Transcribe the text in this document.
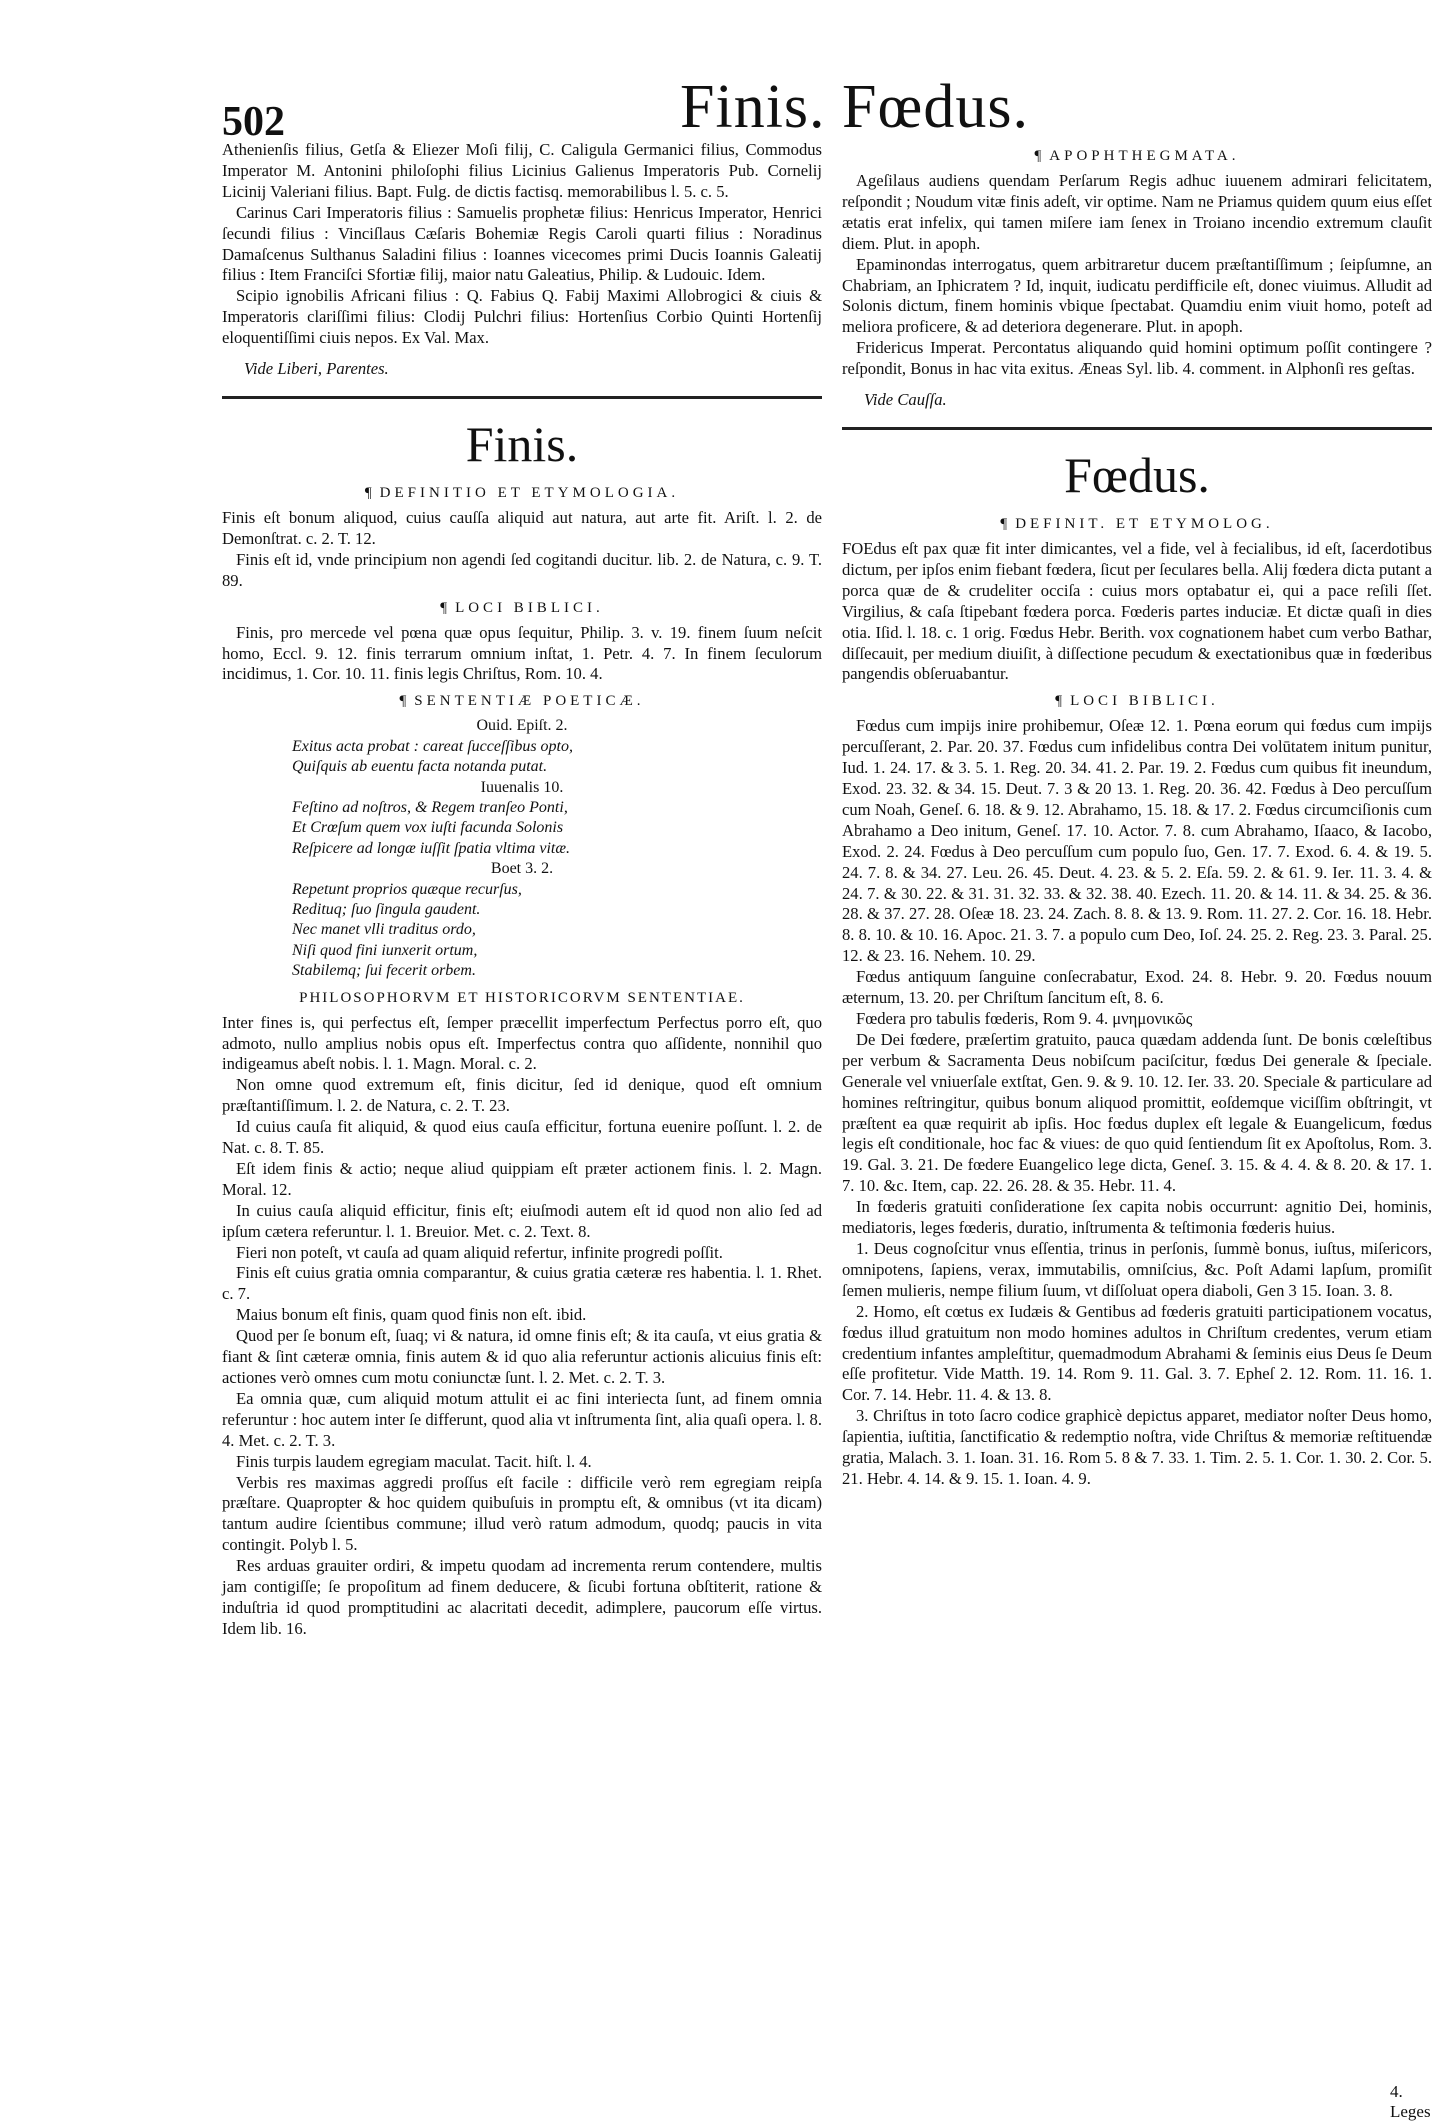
502	Finis. Fœdus.

Athenienſis filius, Getſa & Eliezer Moſi filij, C. Caligula Germanici filius, Commodus Imperator M. Antonini philoſophi filius Licinius Galienus Imperatoris Pub. Cornelij Licinij Valeriani filius. Bapt. Fulg. de dictis factisq. memorabilibus l. 5. c. 5.

Carinus Cari Imperatoris filius : Samuelis prophetæ filius: Henricus Imperator, Henrici ſecundi filius : Vinciſlaus Cæſaris Bohemiæ Regis Caroli quarti filius : Noradinus Damaſcenus Sulthanus Saladini filius : Ioannes vicecomes primi Ducis Ioannis Galeatij filius : Item Franciſci Sfortiæ filij, maior natu Galeatius, Philip. & Ludouic. Idem.

Scipio ignobilis Africani filius : Q. Fabius Q. Fabij Maximi Allobrogici & ciuis & Imperatoris clariſſimi filius: Clodij Pulchri filius: Hortenſius Corbio Quinti Hortenſij eloquentiſſimi ciuis nepos. Ex Val. Max.

Vide Liberi, Parentes.

Finis.
¶ DEFINITIO ET ETYMOLOGIA.

Finis eſt bonum aliquod, cuius cauſſa aliquid aut natura, aut arte fit. Ariſt. l. 2. de Demonſtrat. c. 2. T. 12.

Finis eſt id, vnde principium non agendi ſed cogitandi ducitur. lib. 2. de Natura, c. 9. T. 89.

¶ LOCI BIBLICI.

Finis, pro mercede vel pœna quæ opus ſequitur, Philip. 3. v. 19. finem ſuum neſcit homo, Eccl. 9. 12. finis terrarum omnium inſtat, 1. Petr. 4. 7. In finem ſeculorum incidimus, 1. Cor. 10. 11. finis legis Chriſtus, Rom. 10. 4.

¶ SENTENTIÆ POETICÆ.

Ouid. Epiſt. 2.

Exitus acta probat : careat ſucceſſibus opto,

Quiſquis ab euentu facta notanda putat.

Iuuenalis 10.

Feſtino ad noſtros, & Regem tranſeo Ponti,

Et Crœſum quem vox iuſti facunda Solonis

Reſpicere ad longæ iuſſit ſpatia vltima vitæ.

Boet 3. 2.

Repetunt proprios quæque recurſus,

Redituq; ſuo ſingula gaudent.

Nec manet vlli traditus ordo,

Niſi quod fini iunxerit ortum,

Stabilemq; ſui fecerit orbem.

PHILOSOPHORVM ET HISTORICORVM SENTENTIAE.

Inter fines is, qui perfectus eſt, ſemper præcellit imperfectum Perfectus porro eſt, quo admoto, nullo amplius nobis opus eſt. Imperfectus contra quo aſſidente, nonnihil quo indigeamus abeſt nobis. l. 1. Magn. Moral. c. 2.

Non omne quod extremum eſt, finis dicitur, ſed id denique, quod eſt omnium præſtantiſſimum. l. 2. de Natura, c. 2. T. 23.

Id cuius cauſa fit aliquid, & quod eius cauſa efficitur, fortuna euenire poſſunt. l. 2. de Nat. c. 8. T. 85.

Eſt idem finis & actio; neque aliud quippiam eſt præter actionem finis. l. 2. Magn. Moral. 12.

In cuius cauſa aliquid efficitur, finis eſt; eiuſmodi autem eſt id quod non alio ſed ad ipſum cætera referuntur. l. 1. Breuior. Met. c. 2. Text. 8.

Fieri non poteſt, vt cauſa ad quam aliquid refertur, infinite progredi poſſit.

Finis eſt cuius gratia omnia comparantur, & cuius gratia cæteræ res habentia. l. 1. Rhet. c. 7.

Maius bonum eſt finis, quam quod finis non eſt. ibid.

Quod per ſe bonum eſt, ſuaq; vi & natura, id omne finis eſt; & ita cauſa, vt eius gratia & fiant & ſint cæteræ omnia, finis autem & id quo alia referuntur actionis alicuius finis eſt: actiones verò omnes cum motu coniunctæ ſunt. l. 2. Met. c. 2. T. 3.

Ea omnia quæ, cum aliquid motum attulit ei ac fini interiecta ſunt, ad finem omnia referuntur : hoc autem inter ſe differunt, quod alia vt inſtrumenta ſint, alia quaſi opera. l. 8. 4. Met. c. 2. T. 3.

Finis turpis laudem egregiam maculat. Tacit. hiſt. l. 4.

Verbis res maximas aggredi proſſus eſt facile : difficile verò rem egregiam reipſa præſtare. Quapropter & hoc quidem quibuſuis in promptu eſt, & omnibus (vt ita dicam) tantum audire ſcientibus commune; illud verò ratum admodum, quodq; paucis in vita contingit. Polyb l. 5.

Res arduas grauiter ordiri, & impetu quodam ad incrementa rerum contendere, multis jam contigiſſe; ſe propoſitum ad finem deducere, & ſicubi fortuna obſtiterit, ratione & induſtria id quod promptitudini ac alacritati decedit, adimplere, paucorum eſſe virtus. Idem lib. 16.

¶ APOPHTHEGMATA.

Ageſilaus audiens quendam Perſarum Regis adhuc iuuenem admirari felicitatem, reſpondit ; Noudum vitæ finis adeſt, vir optime. Nam ne Priamus quidem quum eius eſſet ætatis erat infelix, qui tamen miſere iam ſenex in Troiano incendio extremum clauſit diem. Plut. in apoph.

Epaminondas interrogatus, quem arbitraretur ducem præſtantiſſimum ; ſeipſumne, an Chabriam, an Iphicratem ? Id, inquit, iudicatu perdifficile eſt, donec viuimus. Alludit ad Solonis dictum, finem hominis vbique ſpectabat. Quamdiu enim viuit homo, poteſt ad meliora proficere, & ad deteriora degenerare. Plut. in apoph.

Fridericus Imperat. Percontatus aliquando quid homini optimum poſſit contingere ? reſpondit, Bonus in hac vita exitus. Æneas Syl. lib. 4. comment. in Alphonſi res geſtas.

Vide Cauſſa.

Fœdus.
¶ DEFINIT. ET ETYMOLOG.

FOEdus eſt pax quæ fit inter dimicantes, vel a fide, vel à fecialibus, id eſt, ſacerdotibus dictum, per ipſos enim fiebant fœdera, ſicut per ſeculares bella. Alij fœdera dicta putant a porca quæ de & crudeliter occiſa : cuius mors optabatur ei, qui a pace reſili ſſet. Virgilius, & caſa ſtipebant fœdera porca. Fœderis partes induciæ. Et dictæ quaſi in dies otia. Iſid. l. 18. c. 1 orig. Fœdus Hebr. Berith. vox cognationem habet cum verbo Bathar, diſſecauit, per medium diuiſit, à diſſectione pecudum & exectationibus quæ in fœderibus pangendis obſeruabantur.

¶ LOCI BIBLICI.

Fœdus cum impijs inire prohibemur, Oſeæ 12. 1. Pœna eorum qui fœdus cum impijs percuſſerant, 2. Par. 20. 37. Fœdus cum infidelibus contra Dei volūtatem initum punitur, Iud. 1. 24. 17. & 3. 5. 1. Reg. 20. 34. 41. 2. Par. 19. 2. Fœdus cum quibus fit ineundum, Exod. 23. 32. & 34. 15. Deut. 7. 3 & 20 13. 1. Reg. 20. 36. 42. Fœdus à Deo percuſſum cum Noah, Geneſ. 6. 18. & 9. 12. Abrahamo, 15. 18. & 17. 2. Fœdus circumciſionis cum Abrahamo a Deo initum, Geneſ. 17. 10. Actor. 7. 8. cum Abrahamo, Iſaaco, & Iacobo, Exod. 2. 24. Fœdus à Deo percuſſum cum populo ſuo, Gen. 17. 7. Exod. 6. 4. & 19. 5. 24. 7. 8. & 34. 27. Leu. 26. 45. Deut. 4. 23. & 5. 2. Eſa. 59. 2. & 61. 9. Ier. 11. 3. 4. & 24. 7. & 30. 22. & 31. 31. 32. 33. & 32. 38. 40. Ezech. 11. 20. & 14. 11. & 34. 25. & 36. 28. & 37. 27. 28. Oſeæ 18. 23. 24. Zach. 8. 8. & 13. 9. Rom. 11. 27. 2. Cor. 16. 18. Hebr. 8. 8. 10. & 10. 16. Apoc. 21. 3. 7. a populo cum Deo, Ioſ. 24. 25. 2. Reg. 23. 3. Paral. 25. 12. & 23. 16. Nehem. 10. 29.

Fœdus antiquum ſanguine conſecrabatur, Exod. 24. 8. Hebr. 9. 20. Fœdus nouum æternum, 13. 20. per Chriſtum ſancitum eſt, 8. 6.

Fœdera pro tabulis fœderis, Rom 9. 4. μνημονικῶς

De Dei fœdere, præſertim gratuito, pauca quædam addenda ſunt. De bonis cœleſtibus per verbum & Sacramenta Deus nobiſcum paciſcitur, fœdus Dei generale & ſpeciale. Generale vel vniuerſale extſtat, Gen. 9. & 9. 10. 12. Ier. 33. 20. Speciale & particulare ad homines reſtringitur, quibus bonum aliquod promittit, eoſdemque viciſſim obſtringit, vt præſtent ea quæ requirit ab ipſis. Hoc fœdus duplex eſt legale & Euangelicum, fœdus legis eſt conditionale, hoc fac & viues: de quo quid ſentiendum ſit ex Apoſtolus, Rom. 3. 19. Gal. 3. 21. De fœdere Euangelico lege dicta, Geneſ. 3. 15. & 4. 4. & 8. 20. & 17. 1. 7. 10. &c. Item, cap. 22. 26. 28. & 35. Hebr. 11. 4.

In fœderis gratuiti conſideratione ſex capita nobis occurrunt: agnitio Dei, hominis, mediatoris, leges fœderis, duratio, inſtrumenta & teſtimonia fœderis huius.

1. Deus cognoſcitur vnus eſſentia, trinus in perſonis, ſummè bonus, iuſtus, miſericors, omnipotens, ſapiens, verax, immutabilis, omniſcius, &c. Poſt Adami lapſum, promiſit ſemen mulieris, nempe filium ſuum, vt diſſoluat opera diaboli, Gen 3 15. Ioan. 3. 8.

2. Homo, eſt cœtus ex Iudæis & Gentibus ad fœderis gratuiti participationem vocatus, fœdus illud gratuitum non modo homines adultos in Chriſtum credentes, verum etiam credentium infantes ampleſtitur, quemadmodum Abrahami & ſeminis eius Deus ſe Deum eſſe profitetur. Vide Matth. 19. 14. Rom 9. 11. Gal. 3. 7. Epheſ 2. 12. Rom. 11. 16. 1. Cor. 7. 14. Hebr. 11. 4. & 13. 8.

3. Chriſtus in toto ſacro codice graphicè depictus apparet, mediator noſter Deus homo, ſapientia, iuſtitia, ſanctificatio & redemptio noſtra, vide Chriſtus & memoriæ reſtituendæ gratia, Malach. 3. 1. Ioan. 31. 16. Rom 5. 8 & 7. 33. 1. Tim. 2. 5. 1. Cor. 1. 30. 2. Cor. 5. 21. Hebr. 4. 14. & 9. 15. 1. Ioan. 4. 9.

4. Leges
